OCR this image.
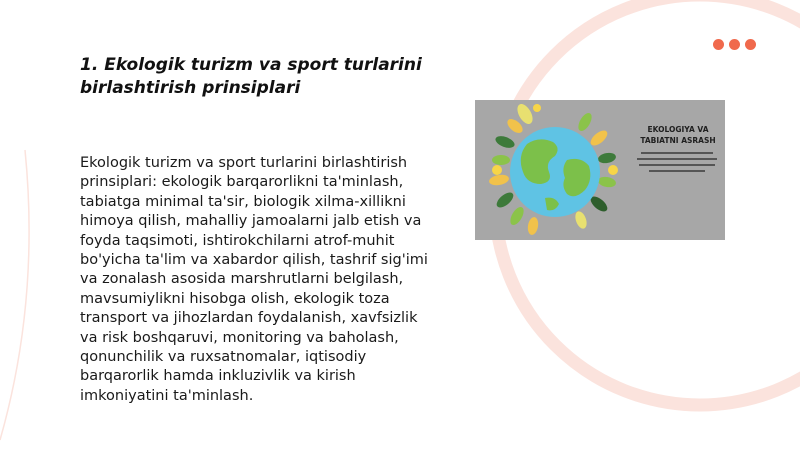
1. Ekologik turizm va sport turlarini birlashtirish prinsiplari

Ekologik turizm va sport turlarini birlashtirish prinsiplari: ekologik barqarorlikni ta'minlash, tabiatga minimal ta'sir, biologik xilma-xillikni himoya qilish, mahalliy jamoalarni jalb etish va foyda taqsimoti, ishtirokchilarni atrof-muhit bo'yicha ta'lim va xabardor qilish, tashrif sig'imi va zonalash asosida marshrutlarni belgilash, mavsumiylikni hisobga olish, ekologik toza transport va jihozlardan foydalanish, xavfsizlik va risk boshqaruvi, monitoring va baholash, qonunchilik va ruxsatnomalar, iqtisodiy barqarorlik hamda inkluzivlik va kirish imkoniyatini ta'minlash.

EKOLOGIYA VA TABIATNI ASRASH
